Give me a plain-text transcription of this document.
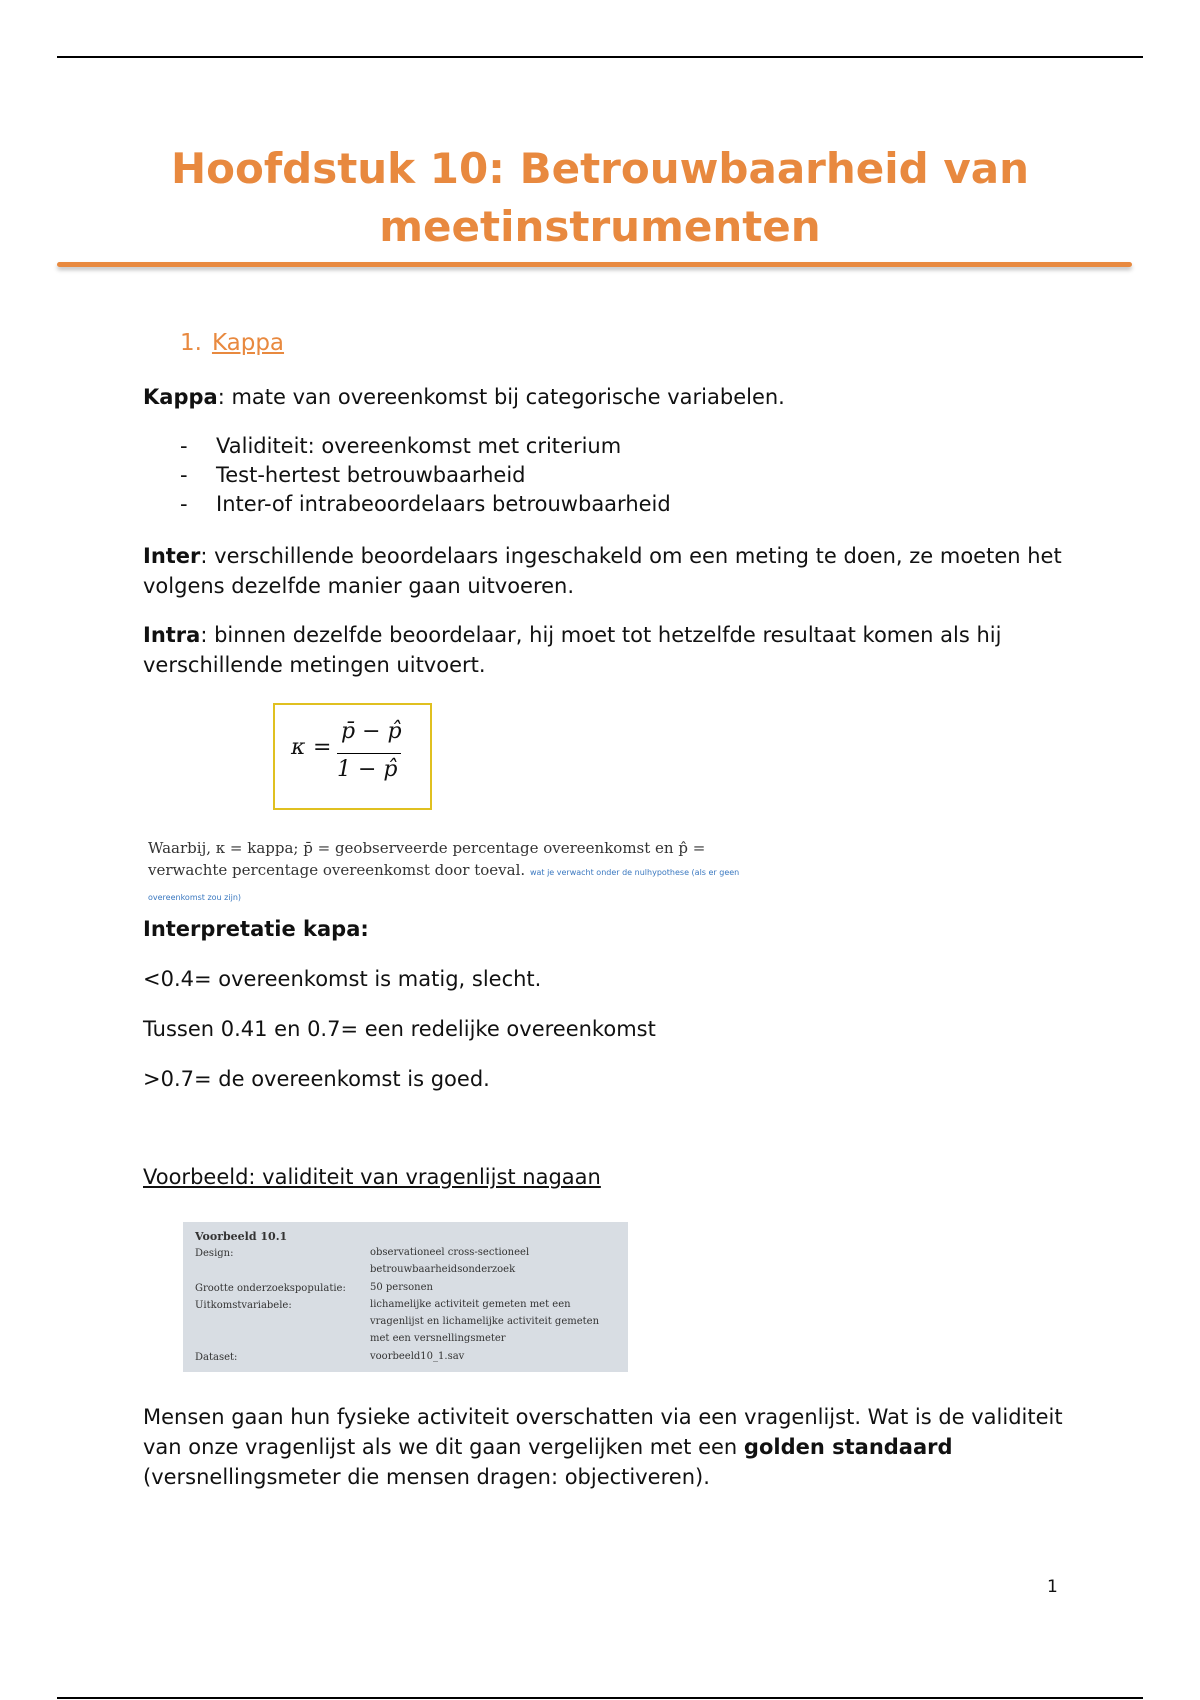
Hoofdstuk 10: Betrouwbaarheid van meetinstrumenten
1. Kappa
Kappa: mate van overeenkomst bij categorische variabelen.
-	Validiteit: overeenkomst met criterium
-	Test-hertest betrouwbaarheid
-	Inter-of intrabeoordelaars betrouwbaarheid
Inter: verschillende beoordelaars ingeschakeld om een meting te doen, ze moeten het volgens dezelfde manier gaan uitvoeren.
Intra: binnen dezelfde beoordelaar, hij moet tot hetzelfde resultaat komen als hij verschillende metingen uitvoert.
κ =
p̄ − p̂
1 − p̂
Waarbij, κ = kappa; p̄ = geobserveerde percentage overeenkomst en p̂ = verwachte percentage overeenkomst door toeval. wat je verwacht onder de nulhypothese (als er geen overeenkomst zou zijn)
Interpretatie kapa:
<0.4= overeenkomst is matig, slecht.
Tussen 0.41 en 0.7= een redelijke overeenkomst
>0.7= de overeenkomst is goed.
Voorbeeld: validiteit van vragenlijst nagaan
Voorbeeld 10.1
Design:	observationeel cross-sectioneel betrouwbaarheidsonderzoek
Grootte onderzoekspopulatie: 50 personen
Uitkomstvariabele:	lichamelijke activiteit gemeten met een vragenlijst en lichamelijke activiteit gemeten met een versnellingsmeter
Dataset:	voorbeeld10_1.sav
Mensen gaan hun fysieke activiteit overschatten via een vragenlijst. Wat is de validiteit van onze vragenlijst als we dit gaan vergelijken met een golden standaard (versnellingsmeter die mensen dragen: objectiveren).
1
